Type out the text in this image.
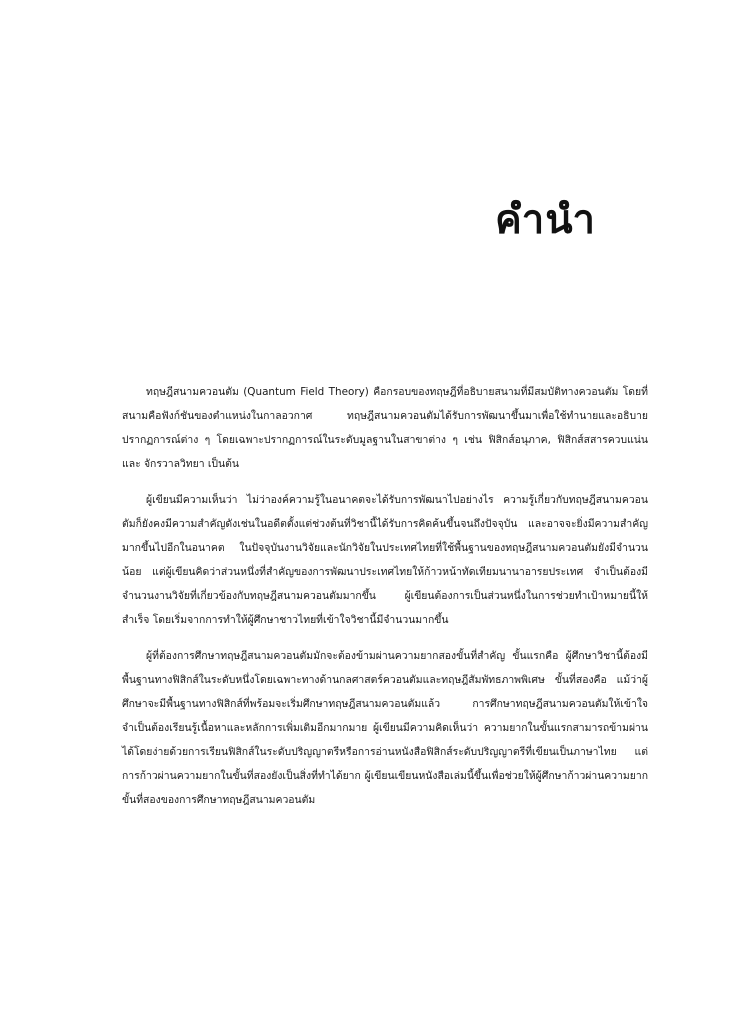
คำนำ

ทฤษฎีสนามควอนตัม (Quantum Field Theory) คือกรอบของทฤษฎีที่อธิบายสนามที่มีสมบัติทางควอนตัม โดยที่สนามคือฟังก์ชันของตำแหน่งในกาลอวกาศ ทฤษฎีสนามควอนตัมได้รับการพัฒนาขึ้นมาเพื่อใช้ทำนายและอธิบายปรากฏการณ์ต่าง ๆ โดยเฉพาะปรากฏการณ์ในระดับมูลฐานในสาขาต่าง ๆ เช่น ฟิสิกส์อนุภาค, ฟิสิกส์สสารควบแน่น และ จักรวาลวิทยา เป็นต้น

ผู้เขียนมีความเห็นว่า ไม่ว่าองค์ความรู้ในอนาคตจะได้รับการพัฒนาไปอย่างไร ความรู้เกี่ยวกับทฤษฎีสนามควอนตัมก็ยังคงมีความสำคัญดังเช่นในอดีตตั้งแต่ช่วงต้นที่วิชานี้ได้รับการคิดค้นขึ้นจนถึงปัจจุบัน และอาจจะยิ่งมีความสำคัญมากขึ้นไปอีกในอนาคต ในปัจจุบันงานวิจัยและนักวิจัยในประเทศไทยที่ใช้พื้นฐานของทฤษฎีสนามควอนตัมยังมีจำนวนน้อย แต่ผู้เขียนคิดว่าส่วนหนึ่งที่สำคัญของการพัฒนาประเทศไทยให้ก้าวหน้าทัดเทียมนานาอารยประเทศ จำเป็นต้องมีจำนวนงานวิจัยที่เกี่ยวข้องกับทฤษฎีสนามควอนตัมมากขึ้น ผู้เขียนต้องการเป็นส่วนหนึ่งในการช่วยทำเป้าหมายนี้ให้สำเร็จ โดยเริ่มจากการทำให้ผู้ศึกษาชาวไทยที่เข้าใจวิชานี้มีจำนวนมากขึ้น

ผู้ที่ต้องการศึกษาทฤษฎีสนามควอนตัมมักจะต้องข้ามผ่านความยากสองขั้นที่สำคัญ ขั้นแรกคือ ผู้ศึกษาวิชานี้ต้องมีพื้นฐานทางฟิสิกส์ในระดับหนึ่งโดยเฉพาะทางด้านกลศาสตร์ควอนตัมและทฤษฎีสัมพัทธภาพพิเศษ ขั้นที่สองคือ แม้ว่าผู้ศึกษาจะมีพื้นฐานทางฟิสิกส์ที่พร้อมจะเริ่มศึกษาทฤษฎีสนามควอนตัมแล้ว การศึกษาทฤษฎีสนามควอนตัมให้เข้าใจ จำเป็นต้องเรียนรู้เนื้อหาและหลักการเพิ่มเติมอีกมากมาย ผู้เขียนมีความคิดเห็นว่า ความยากในขั้นแรกสามารถข้ามผ่านได้โดยง่ายด้วยการเรียนฟิสิกส์ในระดับปริญญาตรีหรือการอ่านหนังสือฟิสิกส์ระดับปริญญาตรีที่เขียนเป็นภาษาไทย แต่การก้าวผ่านความยากในขั้นที่สองยังเป็นสิ่งที่ทำได้ยาก ผู้เขียนเขียนหนังสือเล่มนี้ขึ้นเพื่อช่วยให้ผู้ศึกษาก้าวผ่านความยากขั้นที่สองของการศึกษาทฤษฎีสนามควอนตัม
